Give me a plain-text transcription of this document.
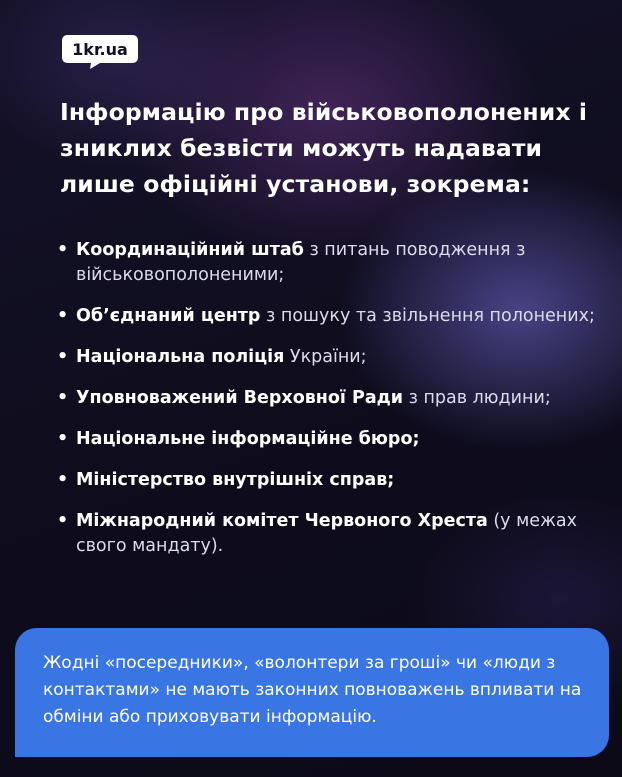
1kr.ua
Інформацію про військовополонених і зниклих безвісти можуть надавати лише офіційні установи, зокрема:
• Координаційний штаб з питань поводження з військовополоненими;
• Об’єднаний центр з пошуку та звільнення полонених;
• Національна поліція України;
• Уповноважений Верховної Ради з прав людини;
• Національне інформаційне бюро;
• Міністерство внутрішніх справ;
• Міжнародний комітет Червоного Хреста (у межах свого мандату).
Жодні «посередники», «волонтери за гроші» чи «люди з контактами» не мають законних повноважень впливати на обміни або приховувати інформацію.
